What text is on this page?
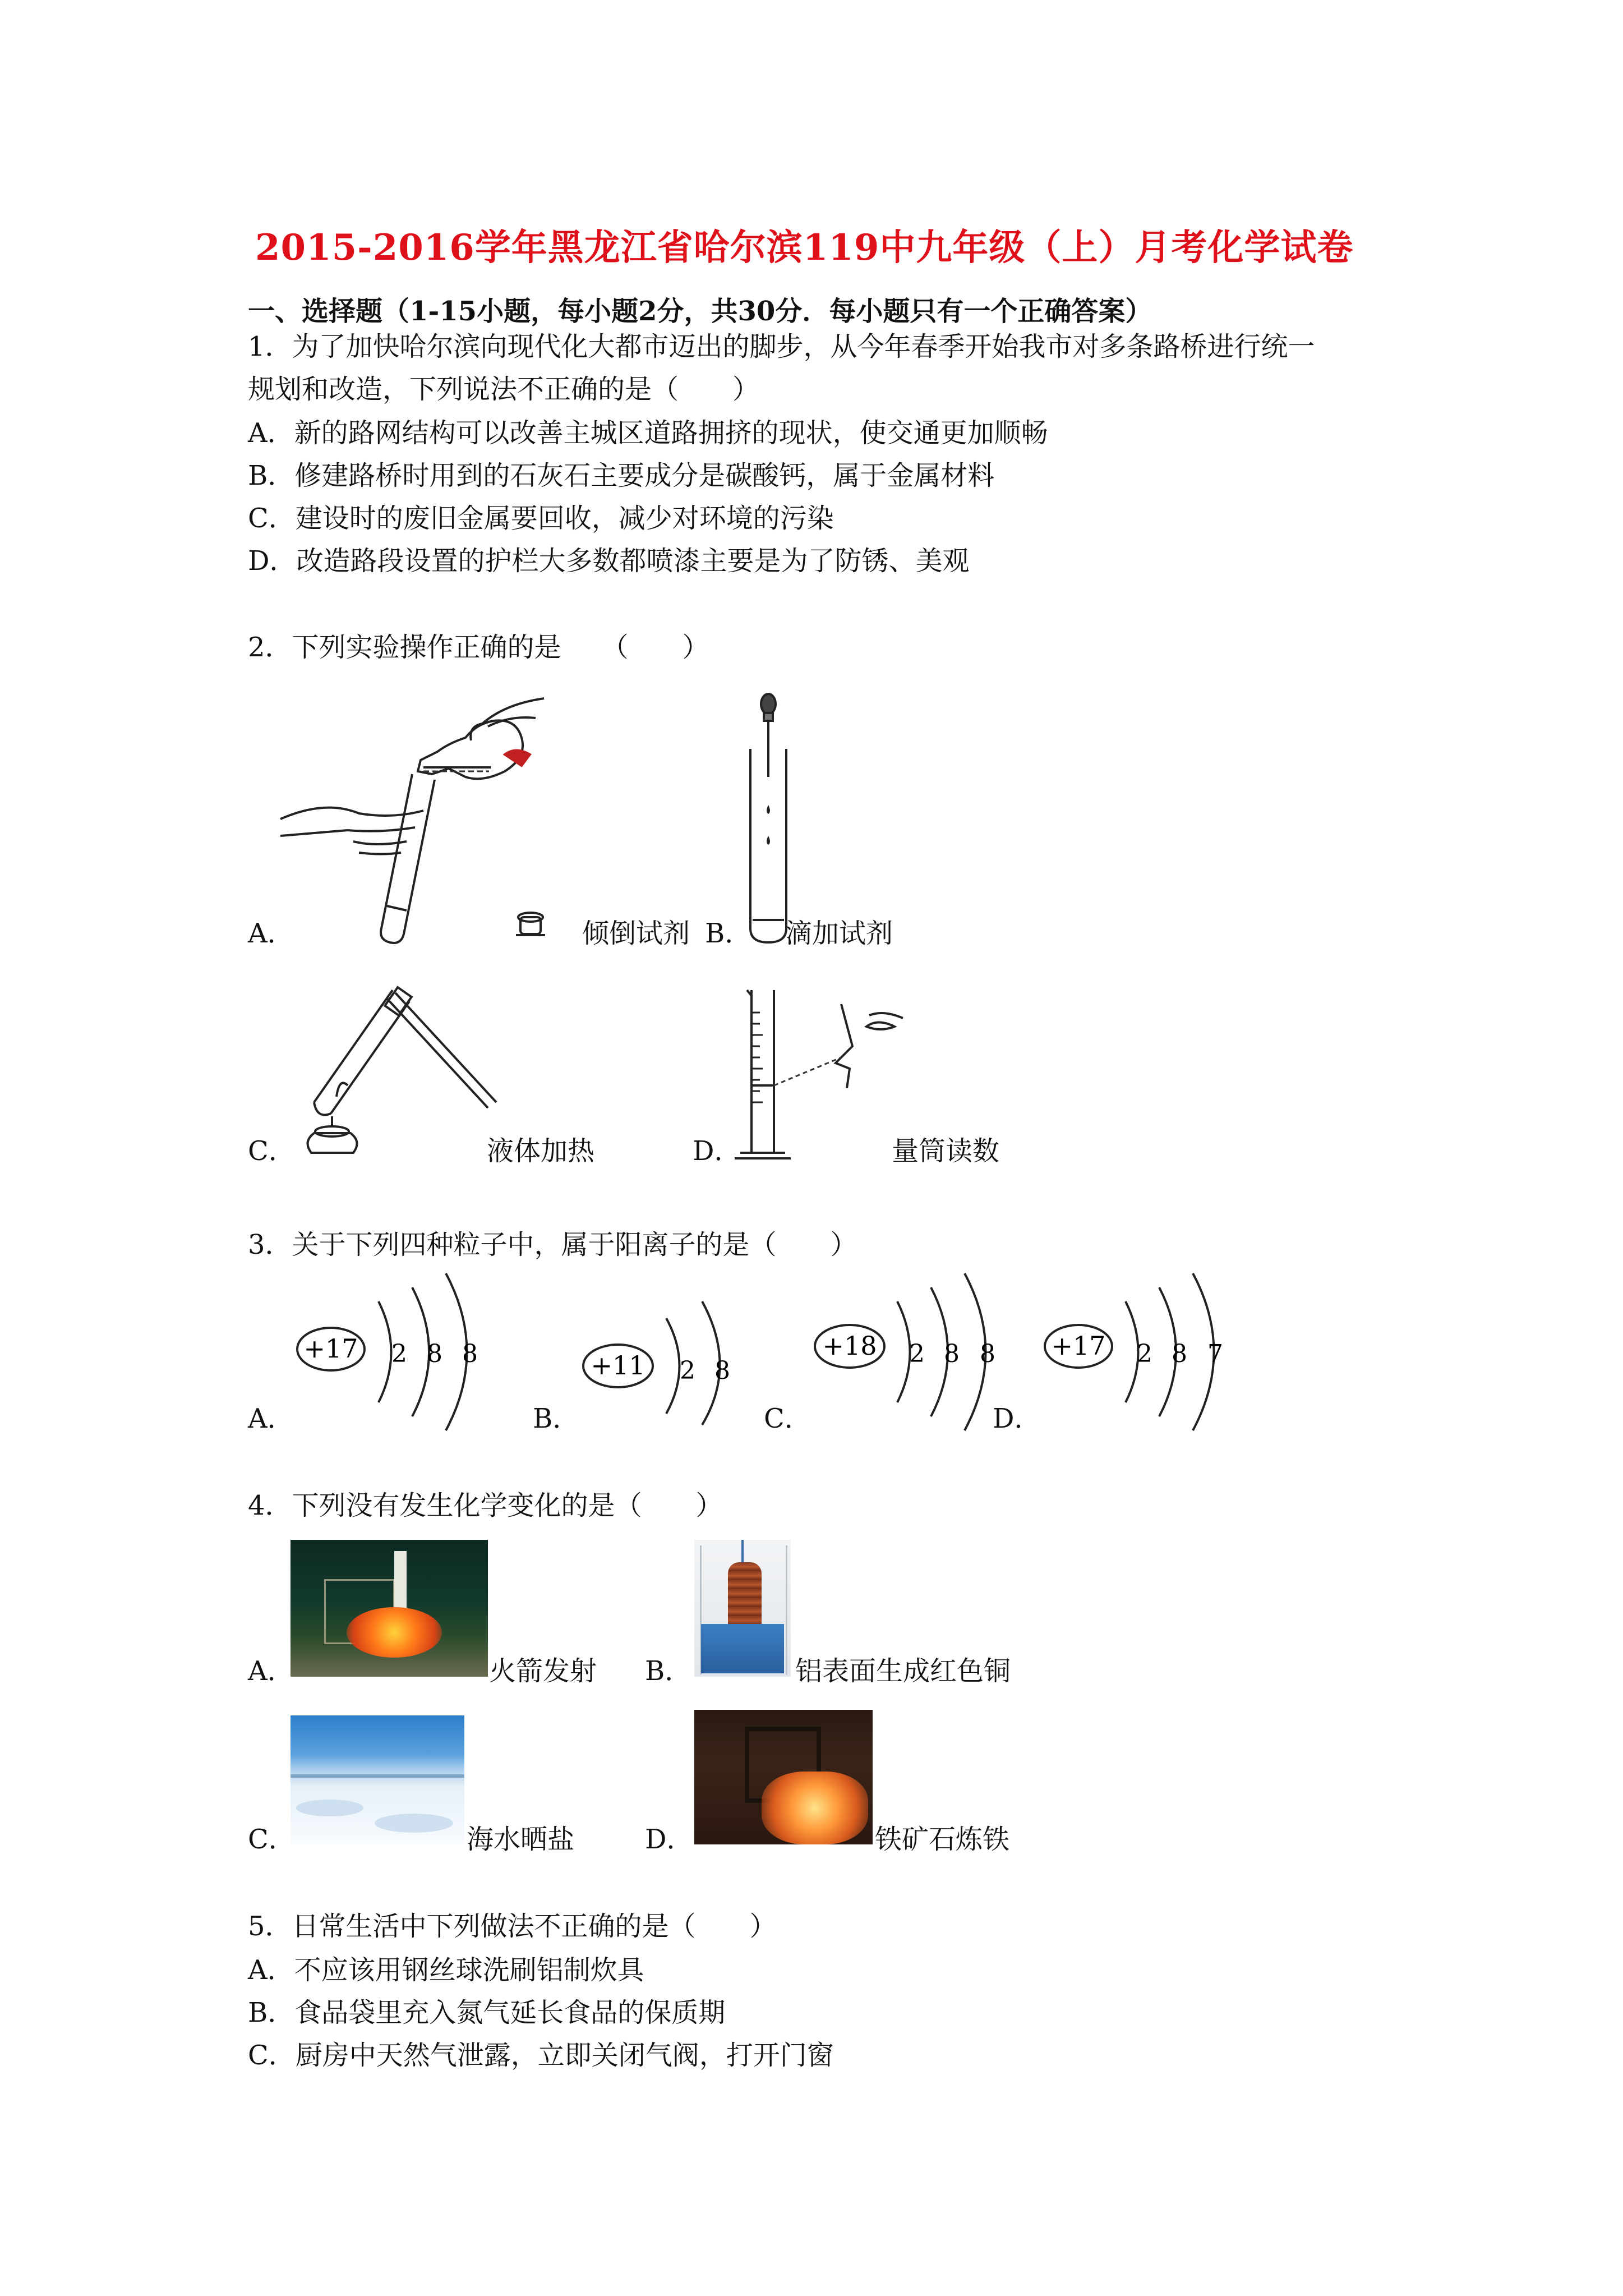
2015-2016学年黑龙江省哈尔滨119中九年级（上）月考化学试卷
一、选择题（1-15小题，每小题2分，共30分．每小题只有一个正确答案）
1．为了加快哈尔滨向现代化大都市迈出的脚步，从今年春季开始我市对多条路桥进行统一
规划和改造，下列说法不正确的是（　　）
A．新的路网结构可以改善主城区道路拥挤的现状，使交通更加顺畅
B．修建路桥时用到的石灰石主要成分是碳酸钙，属于金属材料
C．建设时的废旧金属要回收，减少对环境的污染
D．改造路段设置的护栏大多数都喷漆主要是为了防锈、美观
2．下列实验操作正确的是　　（　　）
A．	倾倒试剂 B． 滴加试剂
C．	液体加热	D．	量筒读数
3．关于下列四种粒子中，属于阳离子的是（　　）
+17 2 8 8
A．
+11 2 8
B．
+18 2 8 8
C．
+17 2 8 7
D．
4．下列没有发生化学变化的是（　　）
A．	火箭发射 B．	铝表面生成红色铜
C．	海水晒盐	D．	铁矿石炼铁
5．日常生活中下列做法不正确的是（　　）
A．不应该用钢丝球洗刷铝制炊具
B．食品袋里充入氮气延长食品的保质期
C．厨房中天然气泄露，立即关闭气阀，打开门窗
